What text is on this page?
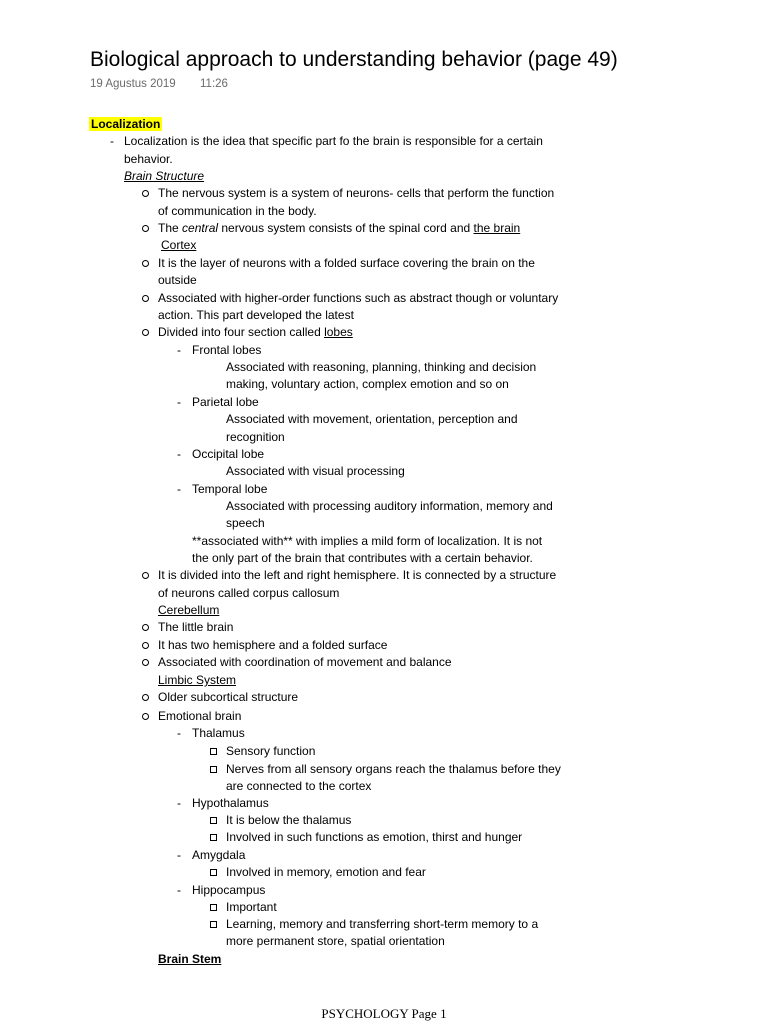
Biological approach to understanding behavior (page 49)
19 Agustus 2019 11:26
Localization
- Localization is the idea that specific part fo the brain is responsible for a certain
behavior.
Brain Structure
The nervous system is a system of neurons- cells that perform the function
of communication in the body.
The central nervous system consists of the spinal cord and the brain
Cortex
It is the layer of neurons with a folded surface covering the brain on the
outside
Associated with higher-order functions such as abstract though or voluntary
action. This part developed the latest
Divided into four section called lobes
- Frontal lobes
Associated with reasoning, planning, thinking and decision
making, voluntary action, complex emotion and so on
- Parietal lobe
Associated with movement, orientation, perception and
recognition
- Occipital lobe
Associated with visual processing
- Temporal lobe
Associated with processing auditory information, memory and
speech
**associated with** with implies a mild form of localization. It is not
the only part of the brain that contributes with a certain behavior.
It is divided into the left and right hemisphere. It is connected by a structure
of neurons called corpus callosum
Cerebellum
The little brain
It has two hemisphere and a folded surface
Associated with coordination of movement and balance
Limbic System
Older subcortical structure
Emotional brain
- Thalamus
Sensory function
Nerves from all sensory organs reach the thalamus before they
are connected to the cortex
- Hypothalamus
It is below the thalamus
Involved in such functions as emotion, thirst and hunger
- Amygdala
Involved in memory, emotion and fear
- Hippocampus
Important
Learning, memory and transferring short-term memory to a
more permanent store, spatial orientation
Brain Stem
PSYCHOLOGY Page 1
